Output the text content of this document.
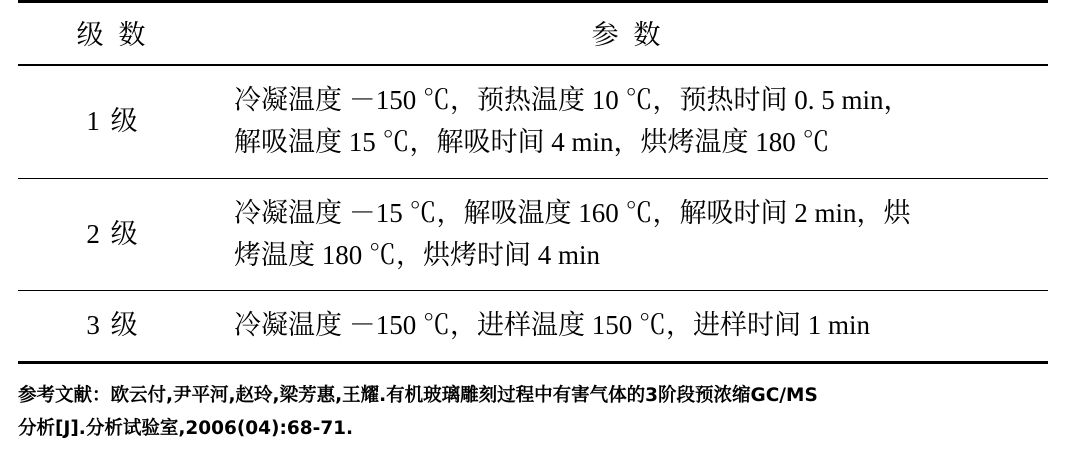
级 数	参 数
1 级	冷凝温度 －150 ℃，预热温度 10 ℃，预热时间 0. 5 min，
解吸温度 15 ℃，解吸时间 4 min，烘烤温度 180 ℃

2 级	冷凝温度 －15 ℃，解吸温度 160 ℃，解吸时间 2 min，烘
烤温度 180 ℃，烘烤时间 4 min

3 级	冷凝温度 －150 ℃，进样温度 150 ℃，进样时间 1 min
参考文献：欧云付,尹平河,赵玲,梁芳惠,王耀.有机玻璃雕刻过程中有害气体的3阶段预浓缩GC/MS
分析[J].分析试验室,2006(04):68-71.
